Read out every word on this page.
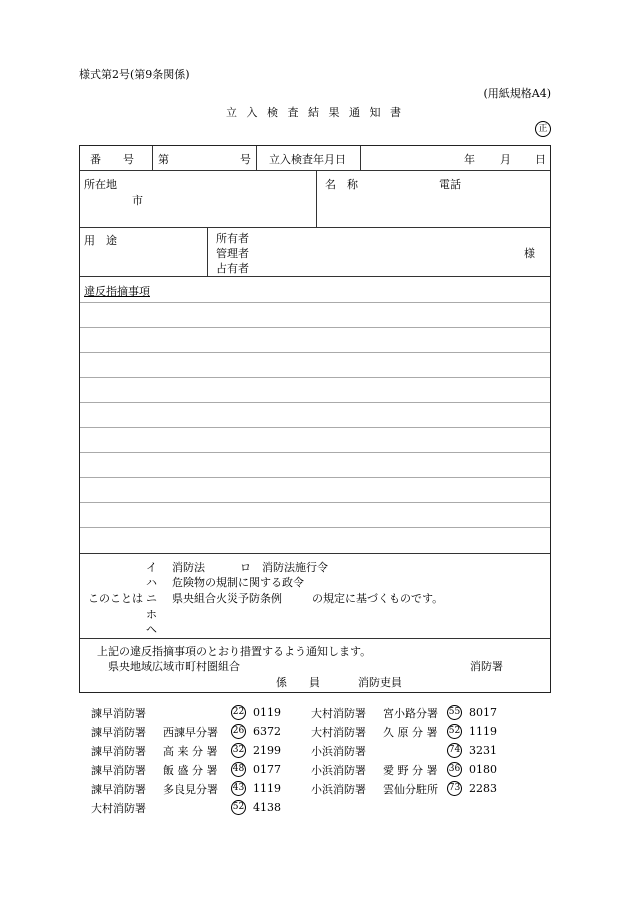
様式第2号(第9条関係)
(用紙規格A4)
立 入 検 査 結 果 通 知 書
正
番　　号 第	号 立入検査年月日	年 月 日
所在地
市
名　称	電話
用　途	所有者
管理者
占有者
様
違反指摘事項
このことは
イ 消防法	ロ 消防法施行令
ハ 危険物の規制に関する政令
ニ 県央組合火災予防条例	の規定に基づくものです。
ホ
ヘ
上記の違反指摘事項のとおり措置するよう通知します。
県央地域広域市町村圏組合	消防署
係　　員	消防吏員
諫早消防署		22	0119	大村消防署	宮小路分署	55	8017
諫早消防署	西諫早分署	26	6372	大村消防署	久 原 分 署	52	1119
諫早消防署	高 来 分 署	32	2199	小浜消防署		74	3231
諫早消防署	飯 盛 分 署	48	0177	小浜消防署	愛 野 分 署	36	0180
諫早消防署	多良見分署	43	1119	小浜消防署	雲仙分駐所	73	2283
大村消防署		52	4138				
